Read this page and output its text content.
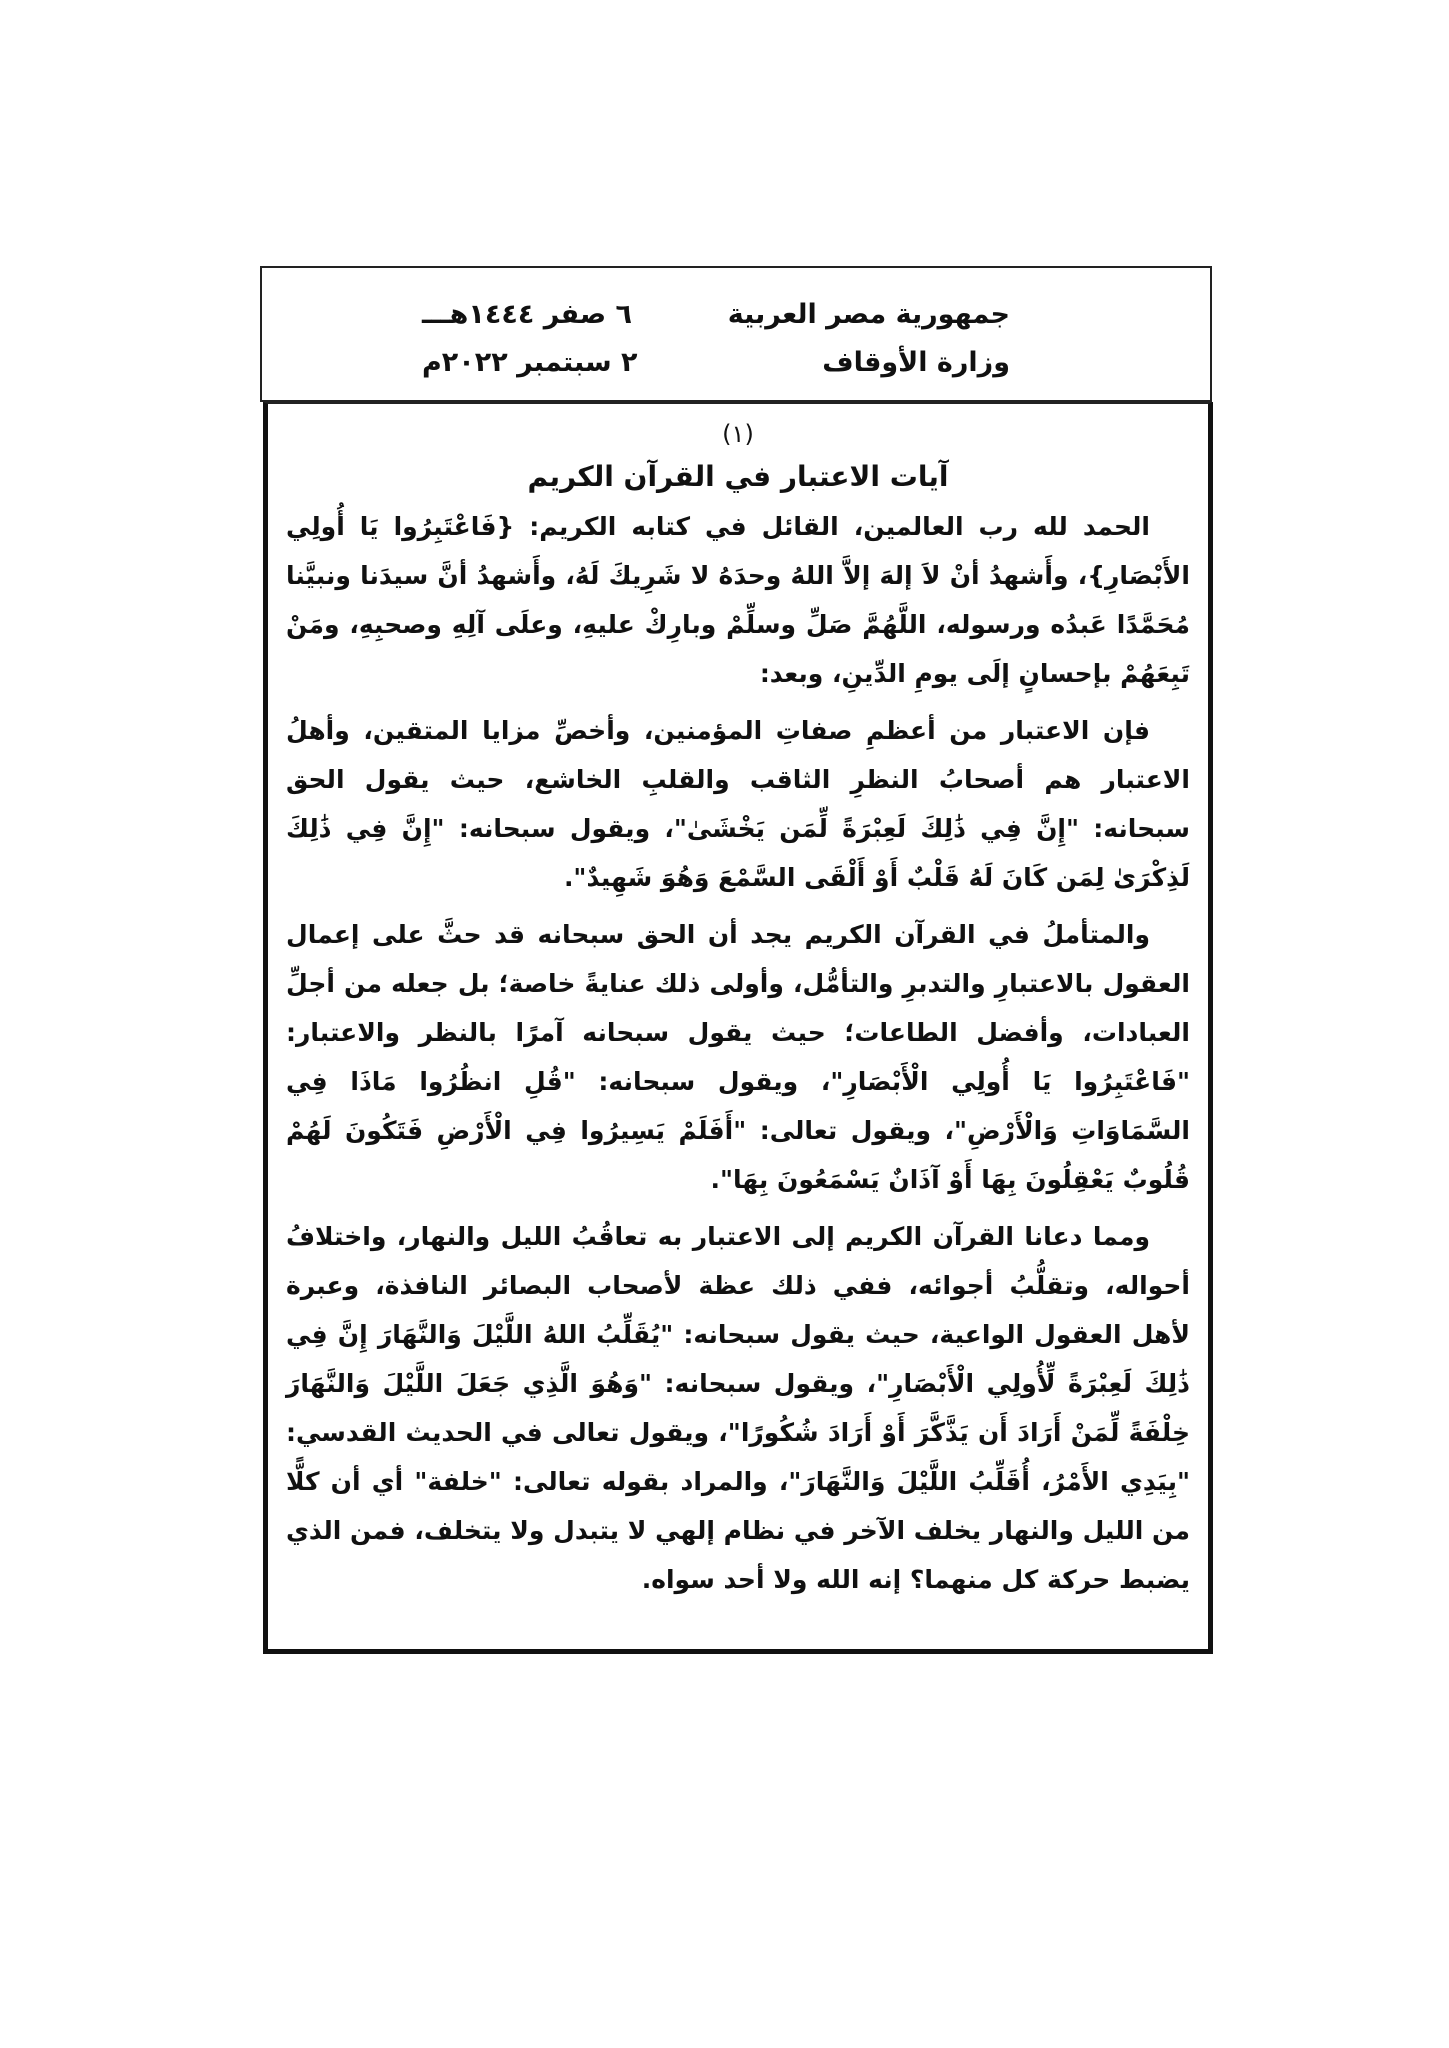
جمهورية مصر العربية
وزارة الأوقاف
٦ صفر ١٤٤٤هـــ
٢ سبتمبر ٢٠٢٢م
(١)
آيات الاعتبار في القرآن الكريم

الحمد لله رب العالمين، القائل في كتابه الكريم: {فَاعْتَبِرُوا يَا أُولِي الأَبْصَارِ}، وأَشهدُ أنْ لاَ إلهَ إلاَّ اللهُ وحدَهُ لا شَرِيكَ لَهُ، وأَشهدُ أنَّ سيدَنا ونبيَّنا مُحَمَّدًا عَبدُه ورسوله، اللَّهُمَّ صَلِّ وسلِّمْ وبارِكْ عليهِ، وعلَى آلِهِ وصحبِهِ، ومَنْ تَبِعَهُمْ بإحسانٍ إلَى يومِ الدِّينِ، وبعد:

فإن الاعتبار من أعظمِ صفاتِ المؤمنين، وأخصِّ مزايا المتقين، وأهلُ الاعتبار هم أصحابُ النظرِ الثاقب والقلبِ الخاشع، حيث يقول الحق سبحانه: "إِنَّ فِي ذَٰلِكَ لَعِبْرَةً لِّمَن يَخْشَىٰ"، ويقول سبحانه: "إِنَّ فِي ذَٰلِكَ لَذِكْرَىٰ لِمَن كَانَ لَهُ قَلْبٌ أَوْ أَلْقَى السَّمْعَ وَهُوَ شَهِيدٌ".

والمتأملُ في القرآن الكريم يجد أن الحق سبحانه قد حثَّ على إعمال العقول بالاعتبارِ والتدبرِ والتأمُّل، وأولى ذلك عنايةً خاصة؛ بل جعله من أجلِّ العبادات، وأفضل الطاعات؛ حيث يقول سبحانه آمرًا بالنظر والاعتبار: "فَاعْتَبِرُوا يَا أُولِي الْأَبْصَارِ"، ويقول سبحانه: "قُلِ انظُرُوا مَاذَا فِي السَّمَاوَاتِ وَالْأَرْضِ"، ويقول تعالى: "أَفَلَمْ يَسِيرُوا فِي الْأَرْضِ فَتَكُونَ لَهُمْ قُلُوبٌ يَعْقِلُونَ بِهَا أَوْ آذَانٌ يَسْمَعُونَ بِهَا".

ومما دعانا القرآن الكريم إلى الاعتبار به تعاقُبُ الليل والنهار، واختلافُ أحواله، وتقلُّبُ أجوائه، ففي ذلك عظة لأصحاب البصائر النافذة، وعبرة لأهل العقول الواعية، حيث يقول سبحانه: "يُقَلِّبُ اللهُ اللَّيْلَ وَالنَّهَارَ إِنَّ فِي ذَٰلِكَ لَعِبْرَةً لِّأُولِي الْأَبْصَارِ"، ويقول سبحانه: "وَهُوَ الَّذِي جَعَلَ اللَّيْلَ وَالنَّهَارَ خِلْفَةً لِّمَنْ أَرَادَ أَن يَذَّكَّرَ أَوْ أَرَادَ شُكُورًا"، ويقول تعالى في الحديث القدسي: "بِيَدِي الأَمْرُ، أُقَلِّبُ اللَّيْلَ وَالنَّهَارَ"، والمراد بقوله تعالى: "خلفة" أي أن كلًّا من الليل والنهار يخلف الآخر في نظام إلهي لا يتبدل ولا يتخلف، فمن الذي يضبط حركة كل منهما؟ إنه الله ولا أحد سواه.
